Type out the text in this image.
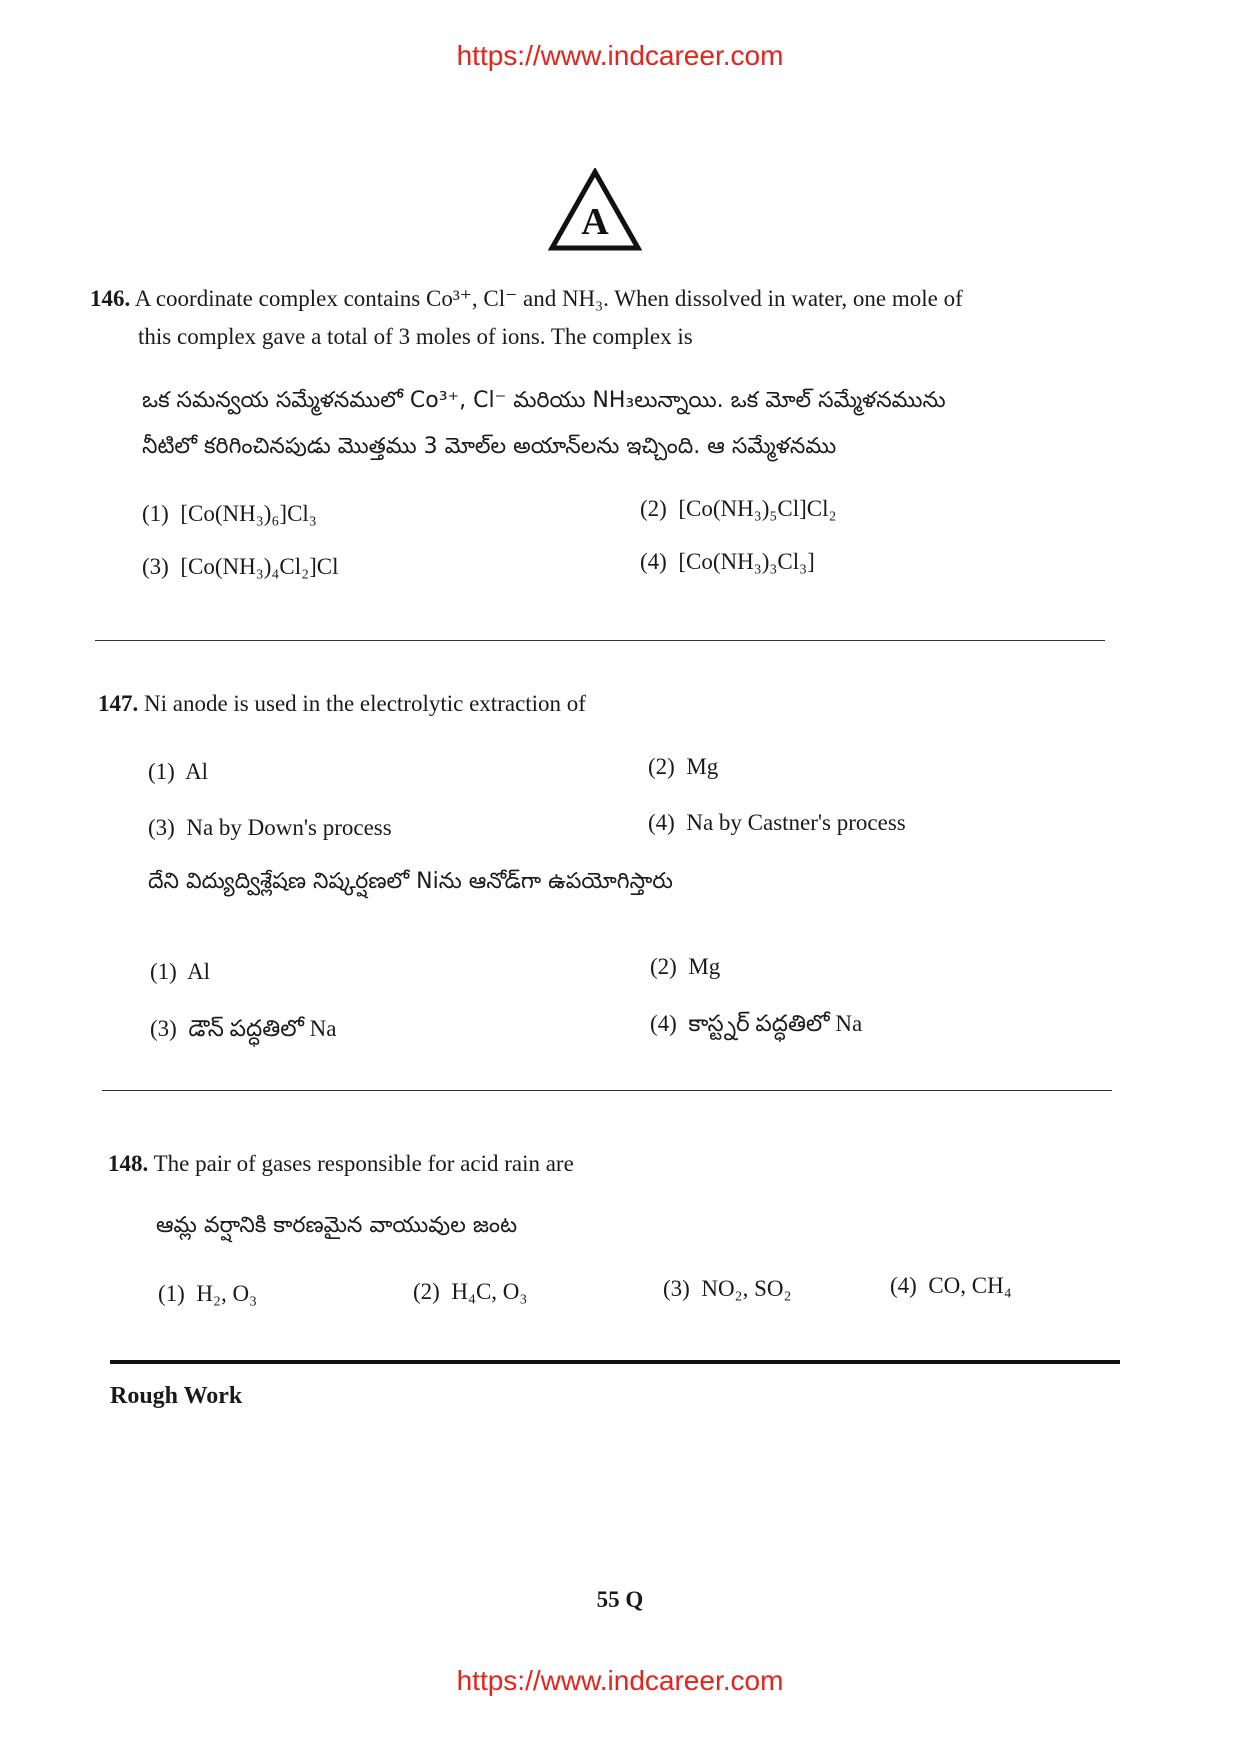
https://www.indcareer.com
A

146. A coordinate complex contains Co³⁺, Cl⁻ and NH₃. When dissolved in water, one mole of

this complex gave a total of 3 moles of ions. The complex is

ఒక సమన్వయ సమ్మేళనములో Co³⁺, Cl⁻ మరియు NH₃లున్నాయి. ఒక మోల్ సమ్మేళనమును
నీటిలో కరిగించినపుడు మొత్తము 3 మోల్‌ల అయాన్‌లను ఇచ్చింది. ఆ సమ్మేళనము
(1) [Co(NH₃)₆]Cl₃	(2) [Co(NH₃)₅Cl]Cl₂
(3) [Co(NH₃)₄Cl₂]Cl	(4) [Co(NH₃)₃Cl₃]

147. Ni anode is used in the electrolytic extraction of

(1) Al	(2) Mg
(3) Na by Down's process	(4) Na by Castner's process
దేని విద్యుద్విశ్లేషణ నిష్కర్షణలో Niను ఆనోడ్‌గా ఉపయోగిస్తారు
(1) Al	(2) Mg
(3) డౌన్ పద్ధతిలో Na	(4) కాస్ట్నర్ పద్ధతిలో Na

148. The pair of gases responsible for acid rain are

ఆమ్ల వర్షానికి కారణమైన వాయువుల జంట
(1) H₂, O₃	(2) H₄C, O₃	(3) NO₂, SO₂	(4) CO, CH₄
Rough Work
55 Q
https://www.indcareer.com
